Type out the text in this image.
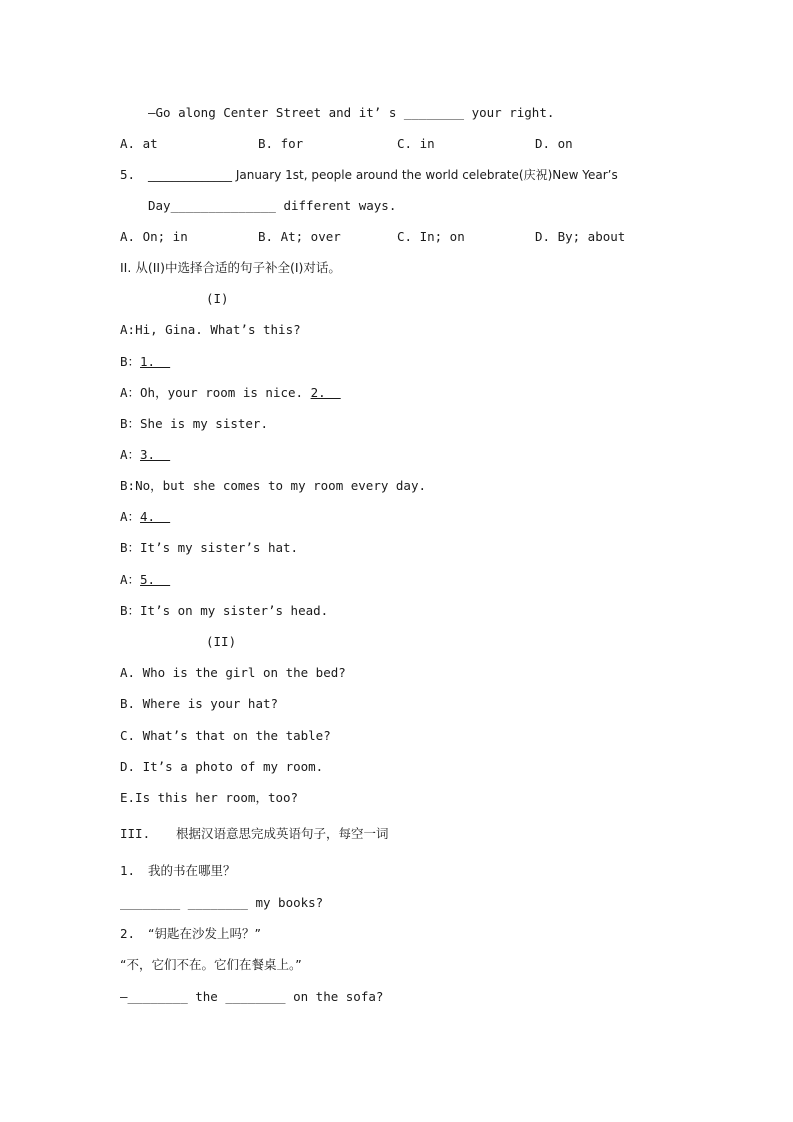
—Go along Center Street and it’ s ________ your right.
A. at	B. for	C. in	D. on
5. ______________ January 1st, people around the world celebrate(庆祝)New Year’s
Day______________ different ways.
A. On; in	B. At; over	C. In; on	D. By; about
II. 从(II)中选择合适的句子补全(I)对话。
(I)
A:Hi, Gina. What’s this?
B：1.
A：Oh，your room is nice. 2.
B：She is my sister.
A：3.
B:No，but she comes to my room every day.
A：4.
B：It’s my sister’s hat.
A：5.
B：It’s on my sister’s head.
(II)
A. Who is the girl on the bed?
B. Where is your hat?
C. What’s that on the table?
D. It’s a photo of my room.
E.Is this her room，too?
III. 根据汉语意思完成英语句子，每空一词
1. 我的书在哪里？
________ ________ my books?
2. “钥匙在沙发上吗？”
“不，它们不在。它们在餐桌上。”
—________ the ________ on the sofa?
